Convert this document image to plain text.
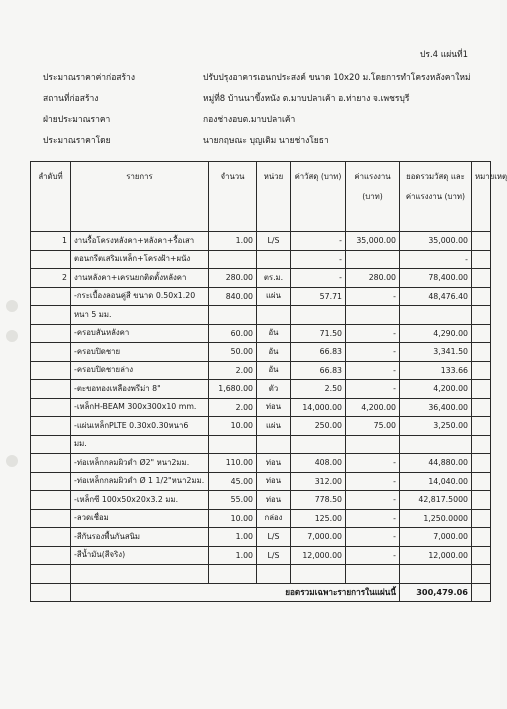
ปร.4 แผ่นที่1
ประมาณราคาค่าก่อสร้าง	ปรับปรุงอาคารเอนกประสงค์ ขนาด 10x20 ม.โดยการทำโครงหลังคาใหม่
สถานที่ก่อสร้าง	หมู่ที่8 บ้านนาขี้งหนัง ต.มาบปลาเค้า อ.ท่ายาง จ.เพชรบุรี
ฝ่ายประมาณราคา	กองช่างอบต.มาบปลาเค้า
ประมาณราคาโดย	นายกฤษณะ บุญเติม นายช่างโยธา
ลำดับที่	รายการ	จำนวน	หน่วย	ค่าวัสดุ (บาท)	ค่าแรงงาน (บาท)	ยอดรวมวัสดุ และค่าแรงงาน (บาท)	หมายเหตุ
1	งานรื้อโครงหลังคา+หลังคา+รื้อเสา	1.00	L/S	-	35,000.00	35,000.00	
	ตอนกรีตเสริมเหล็ก+โครงฝ้า+ผนัง			-		-	
2	งานหลังคา+เครนยกติดตั้งหลังคา	280.00	ตร.ม.	-	280.00	78,400.00	
	-กระเบื้องลอนคู่สี ขนาด 0.50x1.20	840.00	แผ่น	57.71	-	48,476.40	
	หนา 5 มม.						
	-ครอบสันหลังคา	60.00	อัน	71.50	-	4,290.00	
	-ครอบปิดชาย	50.00	อัน	66.83	-	3,341.50	
	-ครอบปิดชายล่าง	2.00	อัน	66.83	-	133.66	
	-ตะขอทองเหลืองพรีม่า 8"	1,680.00	ตัว	2.50	-	4,200.00	
	-เหล็กH-BEAM 300x300x10 mm.	2.00	ท่อน	14,000.00	4,200.00	36,400.00	
	-แผ่นเหล็กPLTE 0.30x0.30หนา6	10.00	แผ่น	250.00	75.00	3,250.00	
	มม.						
	-ท่อเหล็กกลมผิวดำ Ø2" หนา2มม.	110.00	ท่อน	408.00	-	44,880.00	
	-ท่อเหล็กกลมผิวดำ Ø 1 1/2"หนา2มม.	45.00	ท่อน	312.00	-	14,040.00	
	-เหล็กซี 100x50x20x3.2 มม.	55.00	ท่อน	778.50	-	42,817.5000	
	-ลวดเชื่อม	10.00	กล่อง	125.00	-	1,250.0000	
	-สีกันรองพื้นกันสนิม	1.00	L/S	7,000.00	-	7,000.00	
	-สีน้ำมัน(สีจริง)	1.00	L/S	12,000.00	-	12,000.00	

	ยอดรวมเฉพาะรายการในแผ่นนี้					300,479.06	
